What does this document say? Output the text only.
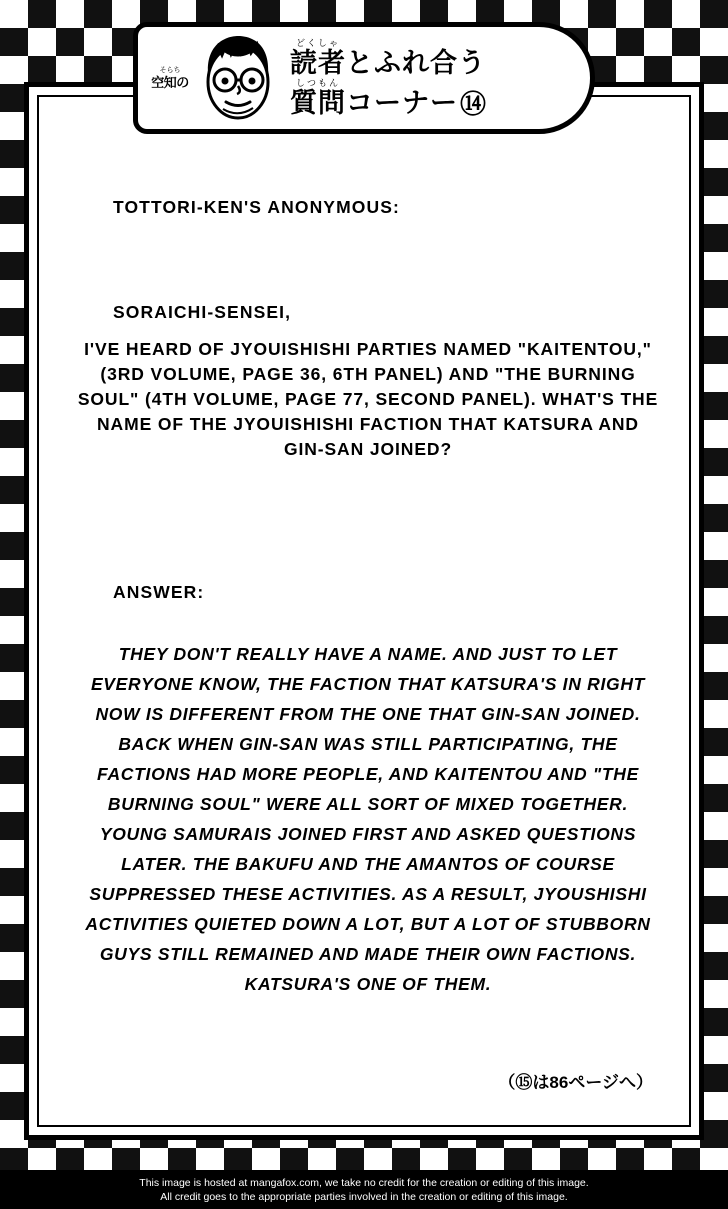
TOTTORI-KEN'S ANONYMOUS:
SORAICHI-SENSEI,
I'VE HEARD OF JYOUISHISHI PARTIES NAMED "KAITENTOU," (3RD VOLUME, PAGE 36, 6TH PANEL) AND "THE BURNING SOUL" (4TH VOLUME, PAGE 77, SECOND PANEL). WHAT'S THE NAME OF THE JYOUISHISHI FACTION THAT KATSURA AND GIN-SAN JOINED?
ANSWER:
THEY DON'T REALLY HAVE A NAME. AND JUST TO LET EVERYONE KNOW, THE FACTION THAT KATSURA'S IN RIGHT NOW IS DIFFERENT FROM THE ONE THAT GIN-SAN JOINED. BACK WHEN GIN-SAN WAS STILL PARTICIPATING, THE FACTIONS HAD MORE PEOPLE, AND KAITENTOU AND "THE BURNING SOUL" WERE ALL SORT OF MIXED TOGETHER. YOUNG SAMURAIS JOINED FIRST AND ASKED QUESTIONS LATER. THE BAKUFU AND THE AMANTOS OF COURSE SUPPRESSED THESE ACTIVITIES. AS A RESULT, JYOUSHISHI ACTIVITIES QUIETED DOWN A LOT, BUT A LOT OF STUBBORN GUYS STILL REMAINED AND MADE THEIR OWN FACTIONS. KATSURA'S ONE OF THEM.
（⑮は86ページへ）
そらち
空知の
どくしゃ
読者 とふれ合う
しつもん
質問 コーナー ⑭
This image is hosted at mangafox.com, we take no credit for the creation or editing of this image.
All credit goes to the appropriate parties involved in the creation or editing of this image.
